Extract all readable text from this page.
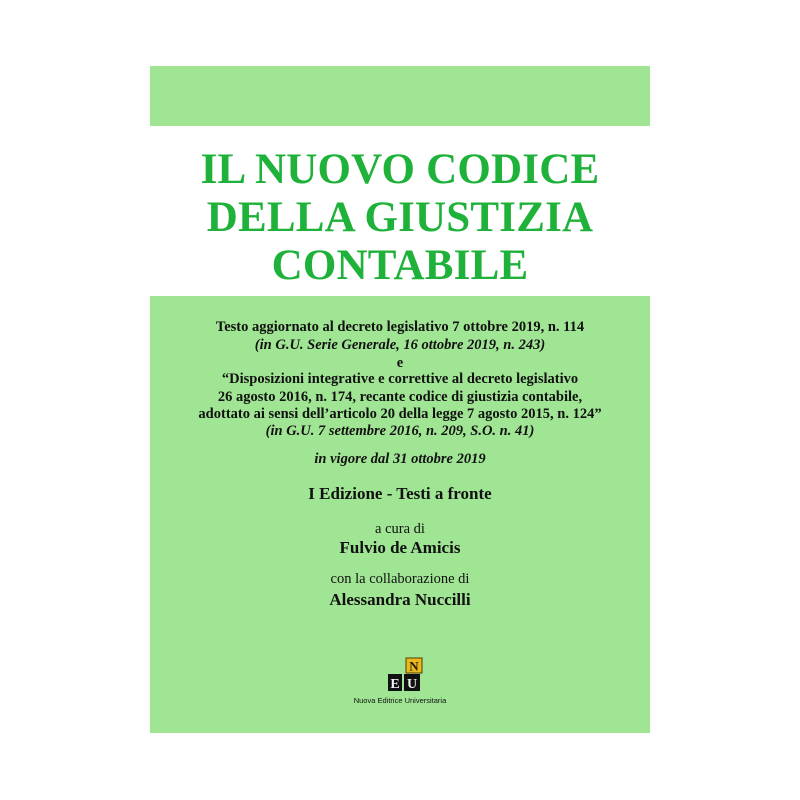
IL NUOVO CODICE
DELLA GIUSTIZIA
CONTABILE
Testo aggiornato al decreto legislativo 7 ottobre 2019, n. 114
(in G.U. Serie Generale, 16 ottobre 2019, n. 243)
e
“Disposizioni integrative e correttive al decreto legislativo
26 agosto 2016, n. 174, recante codice di giustizia contabile,
adottato ai sensi dell’articolo 20 della legge 7 agosto 2015, n. 124”
(in G.U. 7 settembre 2016, n. 209, S.O. n. 41)
in vigore dal 31 ottobre 2019
I Edizione - Testi a fronte
a cura di
Fulvio de Amicis
con la collaborazione di
Alessandra Nuccilli
N
E U
Nuova Editrice Universitaria
